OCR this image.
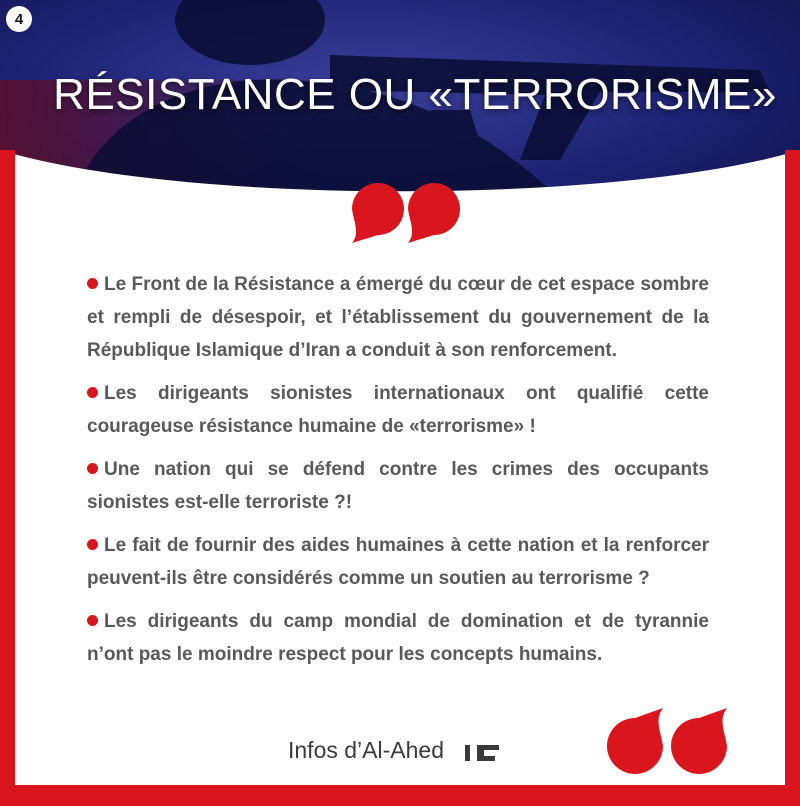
4
RÉSISTANCE OU «TERRORISME»

Le Front de la Résistance a émergé du cœur de cet espace sombre et rempli de désespoir, et l’établissement du gouvernement de la République Islamique d’Iran a conduit à son renforcement.

Les dirigeants sionistes internationaux ont qualifié cette courageuse résistance humaine de «terrorisme» !

Une nation qui se défend contre les crimes des occupants sionistes est-elle terroriste ?!

Le fait de fournir des aides humaines à cette nation et la renforcer peuvent-ils être considérés comme un soutien au terrorisme ?

Les dirigeants du camp mondial de domination et de tyrannie n’ont pas le moindre respect pour les concepts humains.

Infos d’Al-Ahed
